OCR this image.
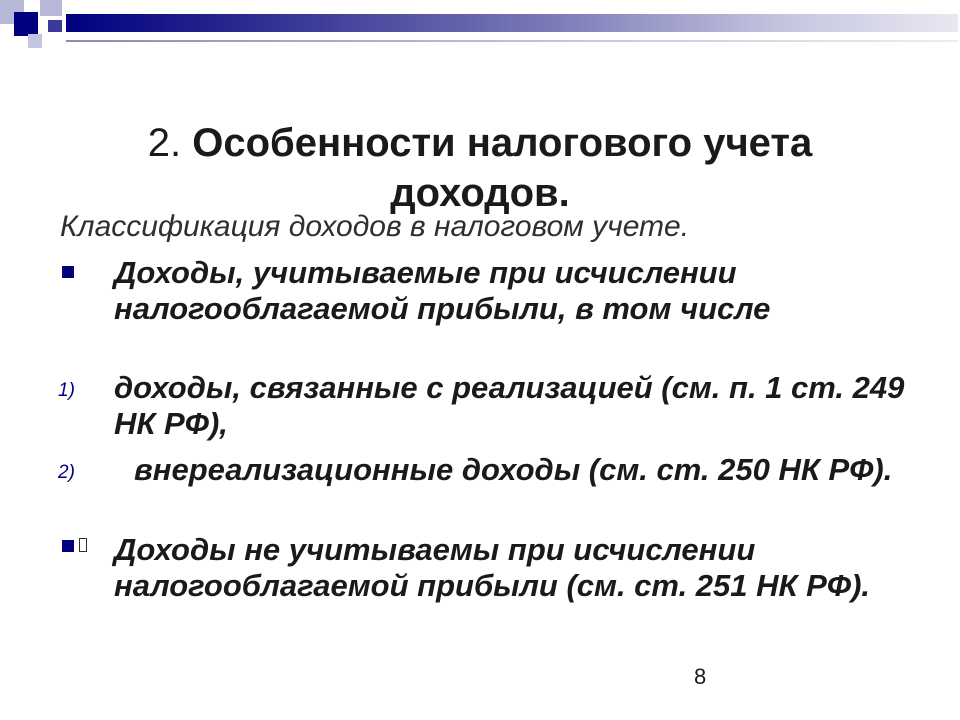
2. Особенности налогового учета доходов.
Классификация доходов в налоговом учете.
Доходы, учитываемые при исчислении налогооблагаемой прибыли, в том числе
1) доходы, связанные с реализацией (см. п. 1 ст. 249 НК РФ),
2)	внереализационные доходы (см. ст. 250 НК РФ).
Доходы не учитываемы при исчислении налогооблагаемой прибыли (см. ст. 251 НК РФ).
8
